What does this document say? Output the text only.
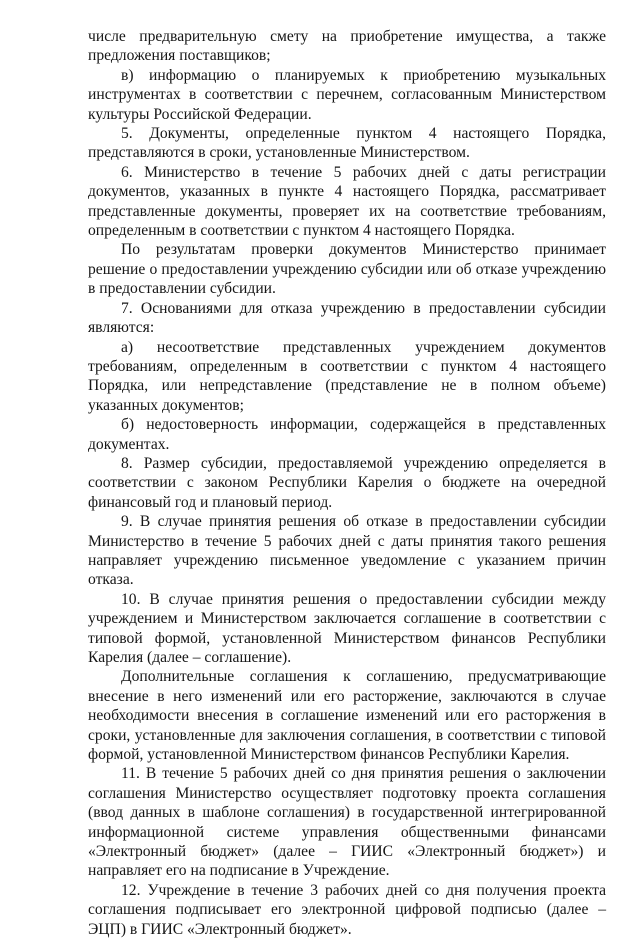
числе предварительную смету на приобретение имущества, а также предложения поставщиков;

в) информацию о планируемых к приобретению музыкальных инструментах в соответствии с перечнем, согласованным Министерством культуры Российской Федерации.

5. Документы, определенные пунктом 4 настоящего Порядка, представляются в сроки, установленные Министерством.

6. Министерство в течение 5 рабочих дней с даты регистрации документов, указанных в пункте 4 настоящего Порядка, рассматривает представленные документы, проверяет их на соответствие требованиям, определенным в соответствии с пунктом 4 настоящего Порядка.

По результатам проверки документов Министерство принимает решение о предоставлении учреждению субсидии или об отказе учреждению в предоставлении субсидии.

7. Основаниями для отказа учреждению в предоставлении субсидии являются:

а) несоответствие представленных учреждением документов требованиям, определенным в соответствии с пунктом 4 настоящего Порядка, или непредставление (представление не в полном объеме) указанных документов;

б) недостоверность информации, содержащейся в представленных документах.

8. Размер субсидии, предоставляемой учреждению определяется в соответствии с законом Республики Карелия о бюджете на очередной финансовый год и плановый период.

9. В случае принятия решения об отказе в предоставлении субсидии Министерство в течение 5 рабочих дней с даты принятия такого решения направляет учреждению письменное уведомление с указанием причин отказа.

10. В случае принятия решения о предоставлении субсидии между учреждением и Министерством заключается соглашение в соответствии с типовой формой, установленной Министерством финансов Республики Карелия (далее – соглашение).

Дополнительные соглашения к соглашению, предусматривающие внесение в него изменений или его расторжение, заключаются в случае необходимости внесения в соглашение изменений или его расторжения в сроки, установленные для заключения соглашения, в соответствии с типовой формой, установленной Министерством финансов Республики Карелия.

11. В течение 5 рабочих дней со дня принятия решения о заключении соглашения Министерство осуществляет подготовку проекта соглашения (ввод данных в шаблоне соглашения) в государственной интегрированной информационной системе управления общественными финансами «Электронный бюджет» (далее – ГИИС «Электронный бюджет») и направляет его на подписание в Учреждение.

12. Учреждение в течение 3 рабочих дней со дня получения проекта соглашения подписывает его электронной цифровой подписью (далее – ЭЦП) в ГИИС «Электронный бюджет».
